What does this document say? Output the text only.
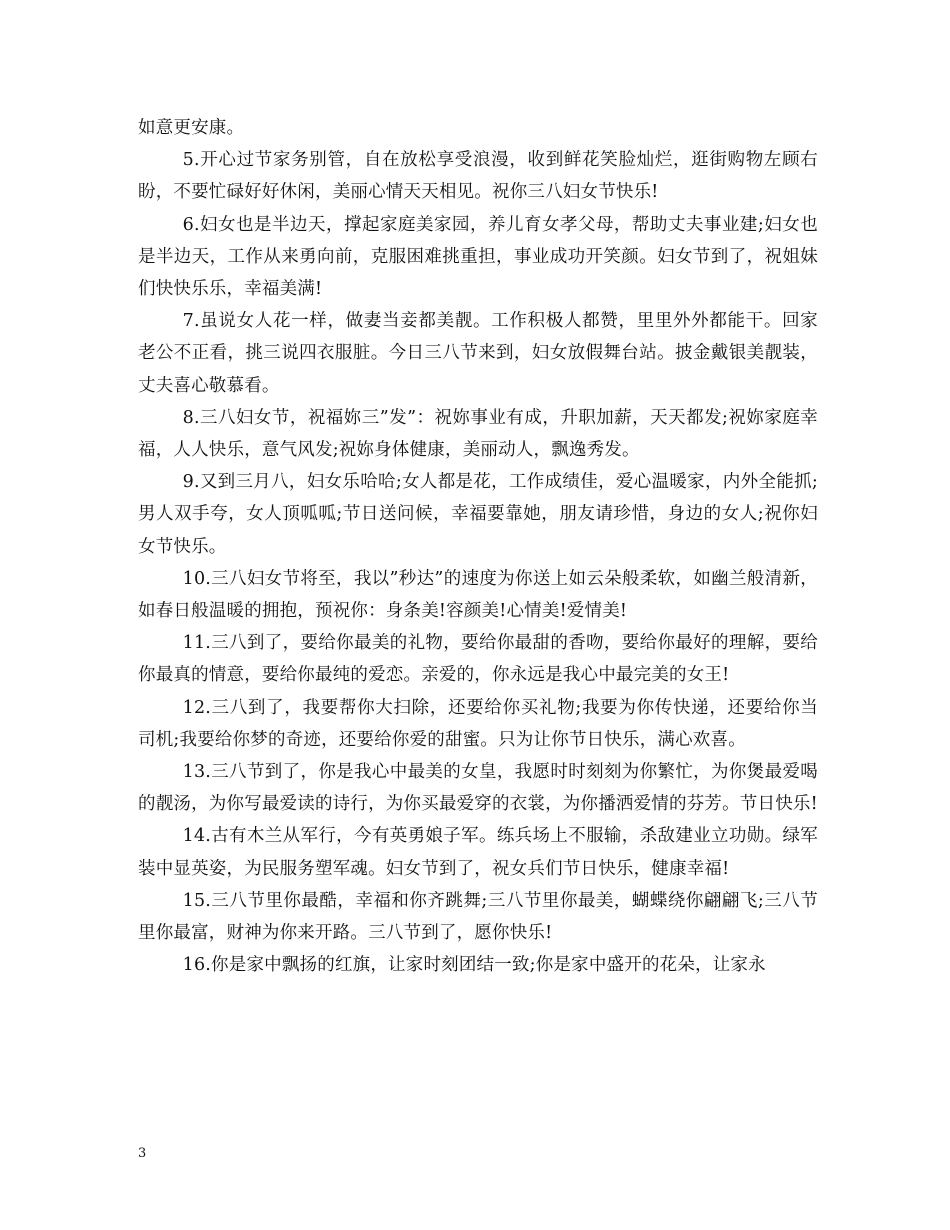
如意更安康。

5.开心过节家务别管，自在放松享受浪漫，收到鲜花笑脸灿烂，逛街购物左顾右盼，不要忙碌好好休闲，美丽心情天天相见。祝你三八妇女节快乐!

6.妇女也是半边天，撑起家庭美家园，养儿育女孝父母，帮助丈夫事业建;妇女也是半边天，工作从来勇向前，克服困难挑重担，事业成功开笑颜。妇女节到了，祝姐妹们快快乐乐，幸福美满!

7.虽说女人花一样，做妻当妾都美靓。工作积极人都赞，里里外外都能干。回家老公不正看，挑三说四衣服脏。今日三八节来到，妇女放假舞台站。披金戴银美靓装，丈夫喜心敬慕看。

8.三八妇女节，祝福妳三”发”：祝妳事业有成，升职加薪，天天都发;祝妳家庭幸福，人人快乐，意气风发;祝妳身体健康，美丽动人，飘逸秀发。

9.又到三月八，妇女乐哈哈;女人都是花，工作成绩佳，爱心温暖家，内外全能抓;男人双手夸，女人顶呱呱;节日送问候，幸福要靠她，朋友请珍惜，身边的女人;祝你妇女节快乐。

10.三八妇女节将至，我以”秒达”的速度为你送上如云朵般柔软，如幽兰般清新，如春日般温暖的拥抱，预祝你：身条美!容颜美!心情美!爱情美!

11.三八到了，要给你最美的礼物，要给你最甜的香吻，要给你最好的理解，要给你最真的情意，要给你最纯的爱恋。亲爱的，你永远是我心中最完美的女王!

12.三八到了，我要帮你大扫除，还要给你买礼物;我要为你传快递，还要给你当司机;我要给你梦的奇迹，还要给你爱的甜蜜。只为让你节日快乐，满心欢喜。

13.三八节到了，你是我心中最美的女皇，我愿时时刻刻为你繁忙，为你煲最爱喝的靓汤，为你写最爱读的诗行，为你买最爱穿的衣裳，为你播洒爱情的芬芳。节日快乐!

14.古有木兰从军行，今有英勇娘子军。练兵场上不服输，杀敌建业立功勋。绿军装中显英姿，为民服务塑军魂。妇女节到了，祝女兵们节日快乐，健康幸福!

15.三八节里你最酷，幸福和你齐跳舞;三八节里你最美，蝴蝶绕你翩翩飞;三八节里你最富，财神为你来开路。三八节到了，愿你快乐!

16.你是家中飘扬的红旗，让家时刻团结一致;你是家中盛开的花朵，让家永

3
